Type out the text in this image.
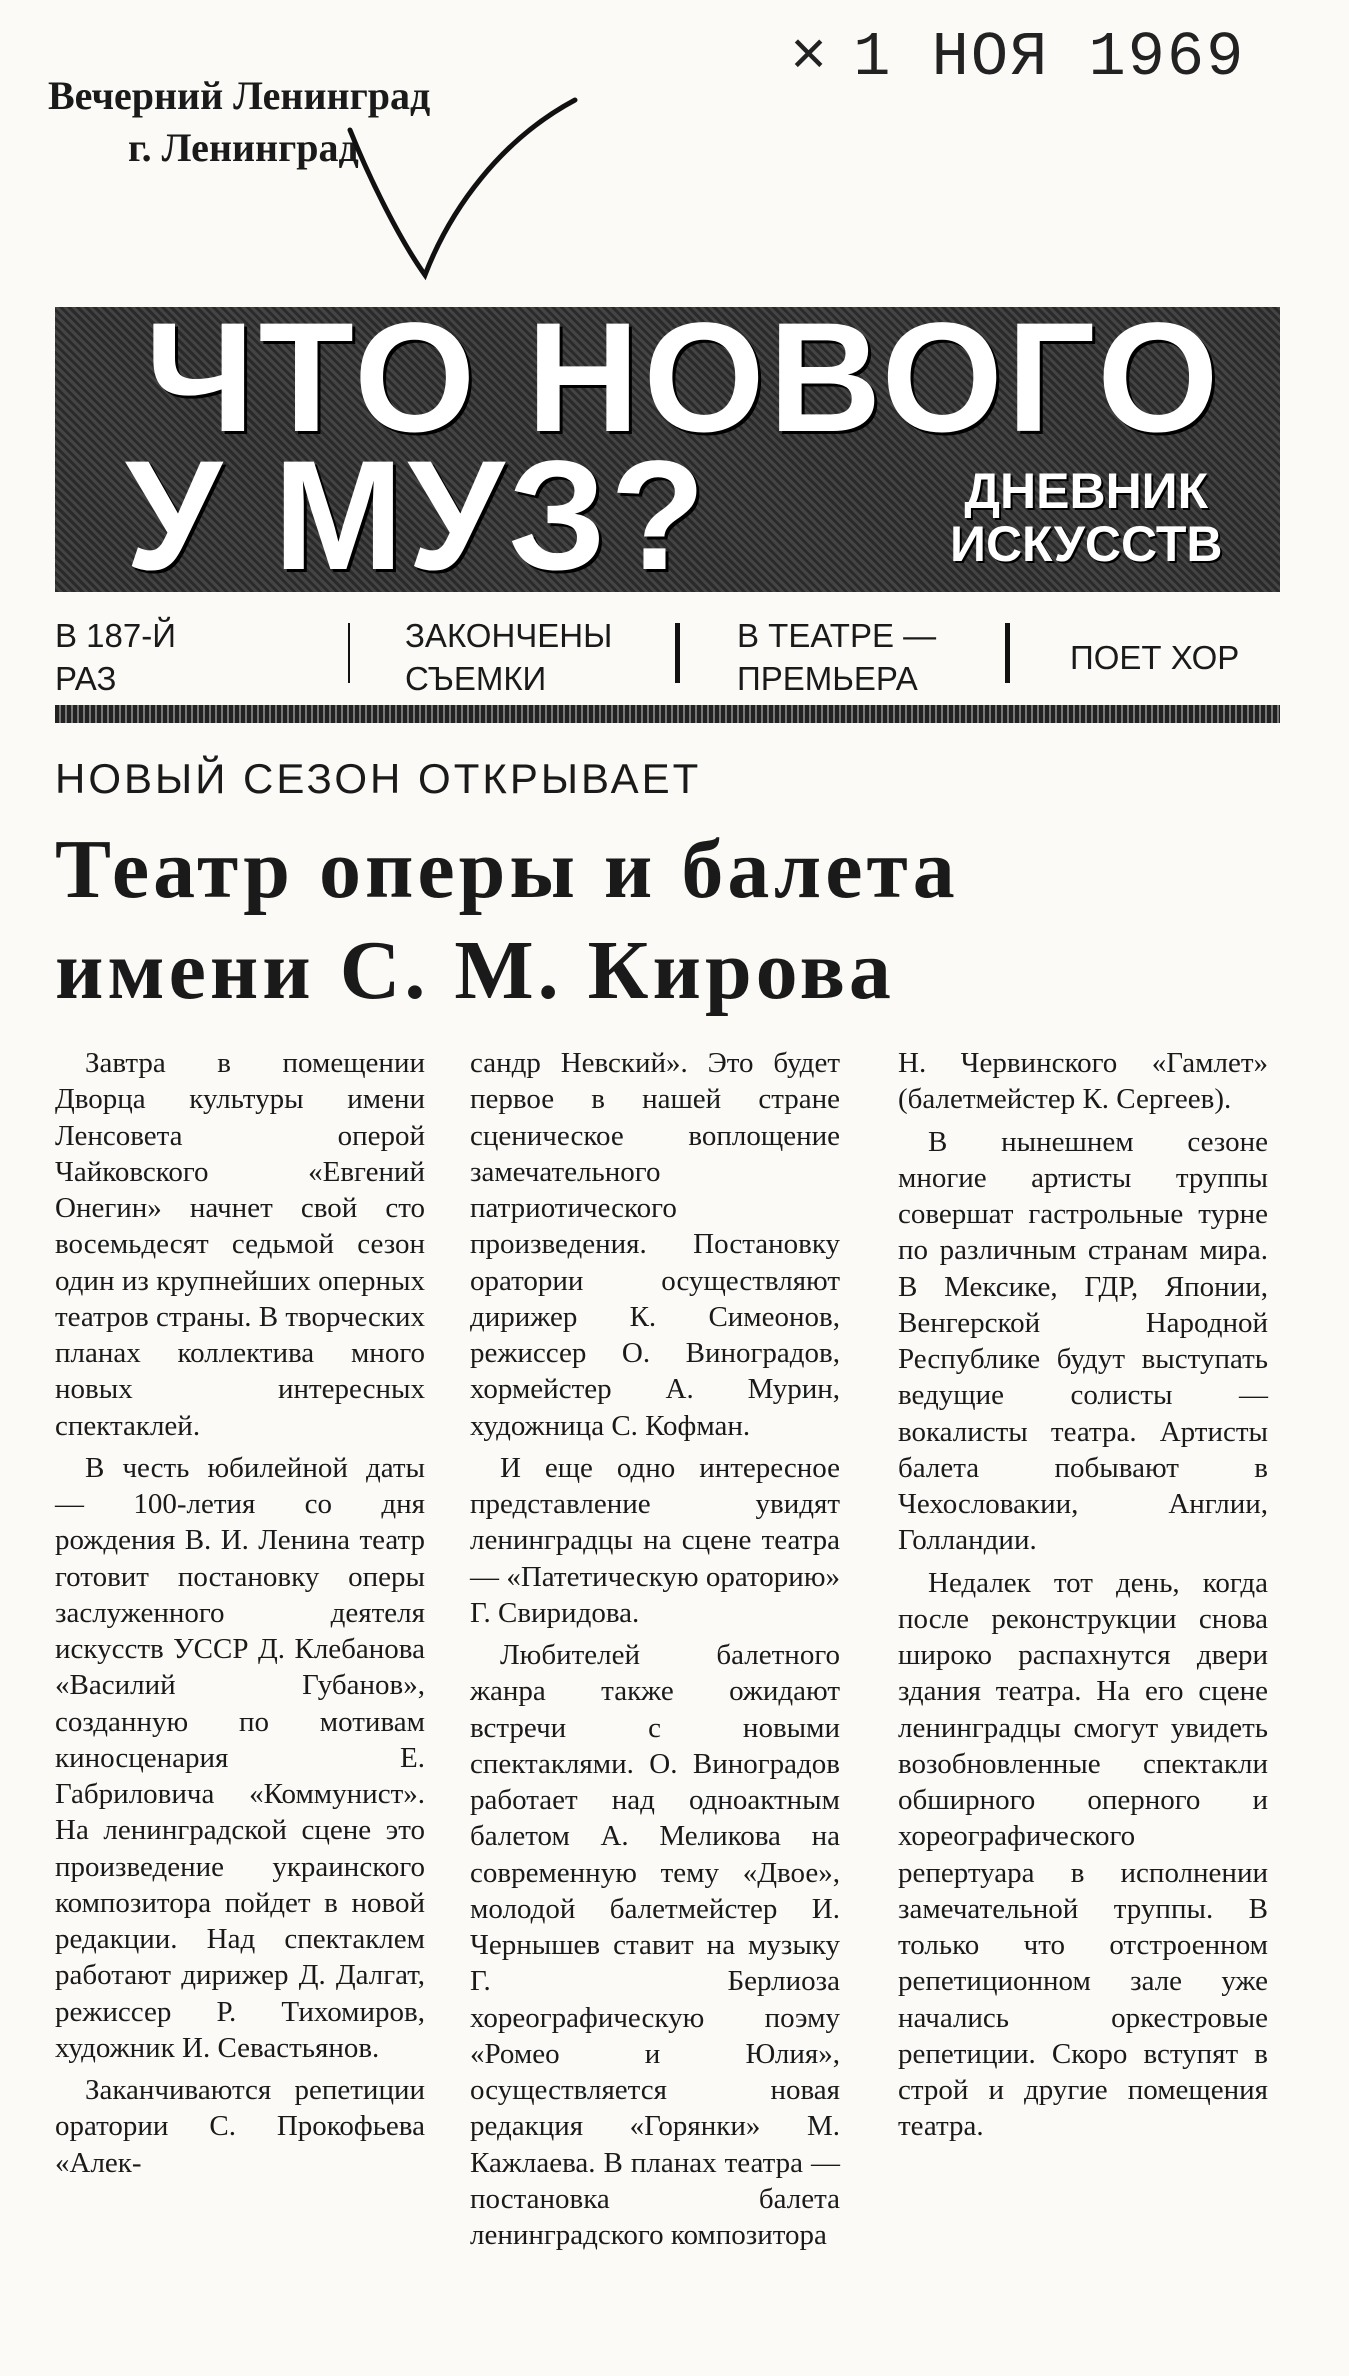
Вечерний Ленинград
г. Ленинград
× 1 НОЯ 1969
ЧТО НОВОГО
У МУЗ?	ДНЕВНИК
ИСКУССТВ
В 187-Й
РАЗ
ЗАКОНЧЕНЫ
СЪЕМКИ
В ТЕАТРЕ —
ПРЕМЬЕРА
ПОЕТ ХОР
НОВЫЙ СЕЗОН ОТКРЫВАЕТ
Театр оперы и балета
имени С. М. Кирова

Завтра в помещении Дворца культуры имени Ленсовета оперой Чайковского «Евгений Онегин» начнет свой сто восемьдесят седьмой сезон один из крупнейших оперных театров страны. В творческих планах коллектива много новых интересных спектаклей.

В честь юбилейной даты — 100-летия со дня рождения В. И. Ленина театр готовит постановку оперы заслуженного деятеля искусств УССР Д. Клебанова «Василий Губанов», созданную по мотивам киносценария Е. Габриловича «Коммунист». На ленинградской сцене это произведение украинского композитора пойдет в новой редакции. Над спектаклем работают дирижер Д. Далгат, режиссер Р. Тихомиров, художник И. Севастьянов.

Заканчиваются репетиции оратории С. Прокофьева «Алек-

сандр Невский». Это будет первое в нашей стране сценическое воплощение замечательного патриотического произведения. Постановку оратории осуществляют дирижер К. Симеонов, режиссер О. Виноградов, хормейстер А. Мурин, художница С. Кофман.

И еще одно интересное представление увидят ленинградцы на сцене театра — «Патетическую ораторию» Г. Свиридова.

Любителей балетного жанра также ожидают встречи с новыми спектаклями. О. Виноградов работает над одноактным балетом А. Меликова на современную тему «Двое», молодой балетмейстер И. Чернышев ставит на музыку Г. Берлиоза хореографическую поэму «Ромео и Юлия», осуществляется новая редакция «Горянки» М. Кажлаева. В планах театра — постановка балета ленинградского композитора

Н. Червинского «Гамлет» (балетмейстер К. Сергеев).

В нынешнем сезоне многие артисты труппы совершат гастрольные турне по различным странам мира. В Мексике, ГДР, Японии, Венгерской Народной Республике будут выступать ведущие солисты — вокалисты театра. Артисты балета побывают в Чехословакии, Англии, Голландии.

Недалек тот день, когда после реконструкции снова широко распахнутся двери здания театра. На его сцене ленинградцы смогут увидеть возобновленные спектакли обширного оперного и хореографического репертуара в исполнении замечательной труппы. В только что отстроенном репетиционном зале уже начались оркестровые репетиции. Скоро вступят в строй и другие помещения театра.
